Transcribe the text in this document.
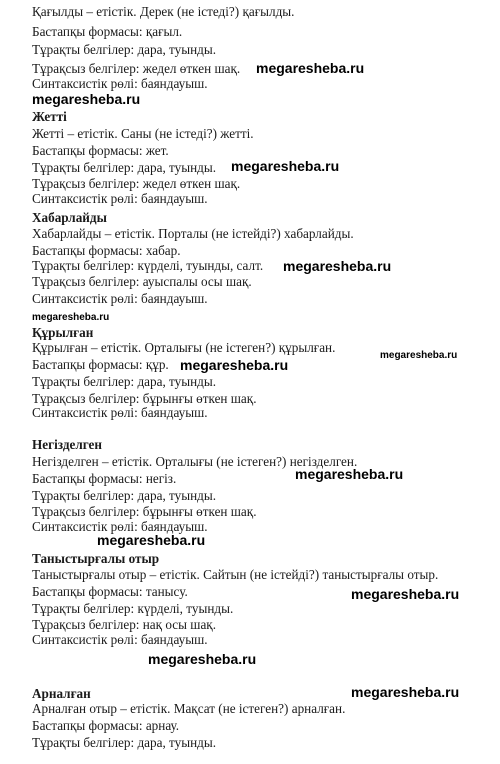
Қағылды – етістік. Дерек (не істеді?) қағылды.
Бастапқы формасы: қағыл.
Тұрақты белгілер: дара, туынды.
Тұрақсыз белгілер: жедел өткен шақ.
Синтаксистік рөлі: баяндауыш.
Жетті
Жетті – етістік. Саны (не істеді?) жетті.
Бастапқы формасы: жет.
Тұрақты белгілер: дара, туынды.
Тұрақсыз белгілер: жедел өткен шақ.
Синтаксистік рөлі: баяндауыш.
Хабарлайды
Хабарлайды – етістік. Порталы (не істейді?) хабарлайды.
Бастапқы формасы: хабар.
Тұрақты белгілер: күрделі, туынды, салт.
Тұрақсыз белгілер: ауыспалы осы шақ.
Синтаксистік рөлі: баяндауыш.
Құрылған
Құрылған – етістік. Орталығы (не істеген?) құрылған.
Бастапқы формасы: құр.
Тұрақты белгілер: дара, туынды.
Тұрақсыз белгілер: бұрынғы өткен шақ.
Синтаксистік рөлі: баяндауыш.
Негізделген
Негізделген – етістік. Орталығы (не істеген?) негізделген.
Бастапқы формасы: негіз.
Тұрақты белгілер: дара, туынды.
Тұрақсыз белгілер: бұрынғы өткен шақ.
Синтаксистік рөлі: баяндауыш.
Таныстырғалы отыр
Таныстырғалы отыр – етістік. Сайтын (не істейді?) таныстырғалы отыр.
Бастапқы формасы: танысу.
Тұрақты белгілер: күрделі, туынды.
Тұрақсыз белгілер: нақ осы шақ.
Синтаксистік рөлі: баяндауыш.
Арналған
Арналған отыр – етістік. Мақсат (не істеген?) арналған.
Бастапқы формасы: арнау.
Тұрақты белгілер: дара, туынды.
megaresheba.ru
megaresheba.ru
megaresheba.ru
megaresheba.ru
megaresheba.ru
megaresheba.ru
megaresheba.ru
megaresheba.ru
megaresheba.ru
megaresheba.ru
megaresheba.ru
megaresheba.ru
